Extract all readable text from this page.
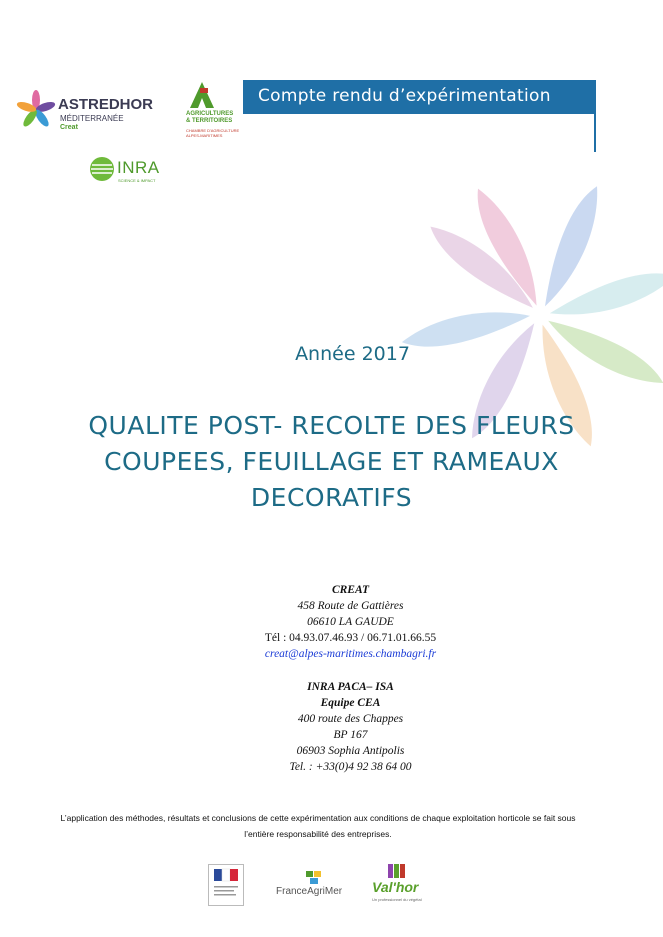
ASTREDHOR
MÉDITERRANÉE
Creat
AGRICULTURES
& TERRITOIRES
CHAMBRE D'AGRICULTURE ALPES-MARITIMES
INRA
SCIENCE & IMPACT
Compte rendu d’expérimentation
Année 2017
QUALITE POST- RECOLTE DES FLEURS
COUPEES, FEUILLAGE ET RAMEAUX
DECORATIFS
CREAT
458 Route de Gattières
06610 LA GAUDE
Tél : 04.93.07.46.93 / 06.71.01.66.55
creat@alpes-maritimes.chambagri.fr
INRA PACA– ISA
Equipe CEA
400 route des Chappes
BP 167
06903 Sophia Antipolis
Tel. : +33(0)4 92 38 64 00
L’application des méthodes, résultats et conclusions de cette expérimentation aux conditions de chaque exploitation horticole se fait sous
l’entière responsabilité des entreprises.
FranceAgriMer Val'hor
Un professionnel du végétal
